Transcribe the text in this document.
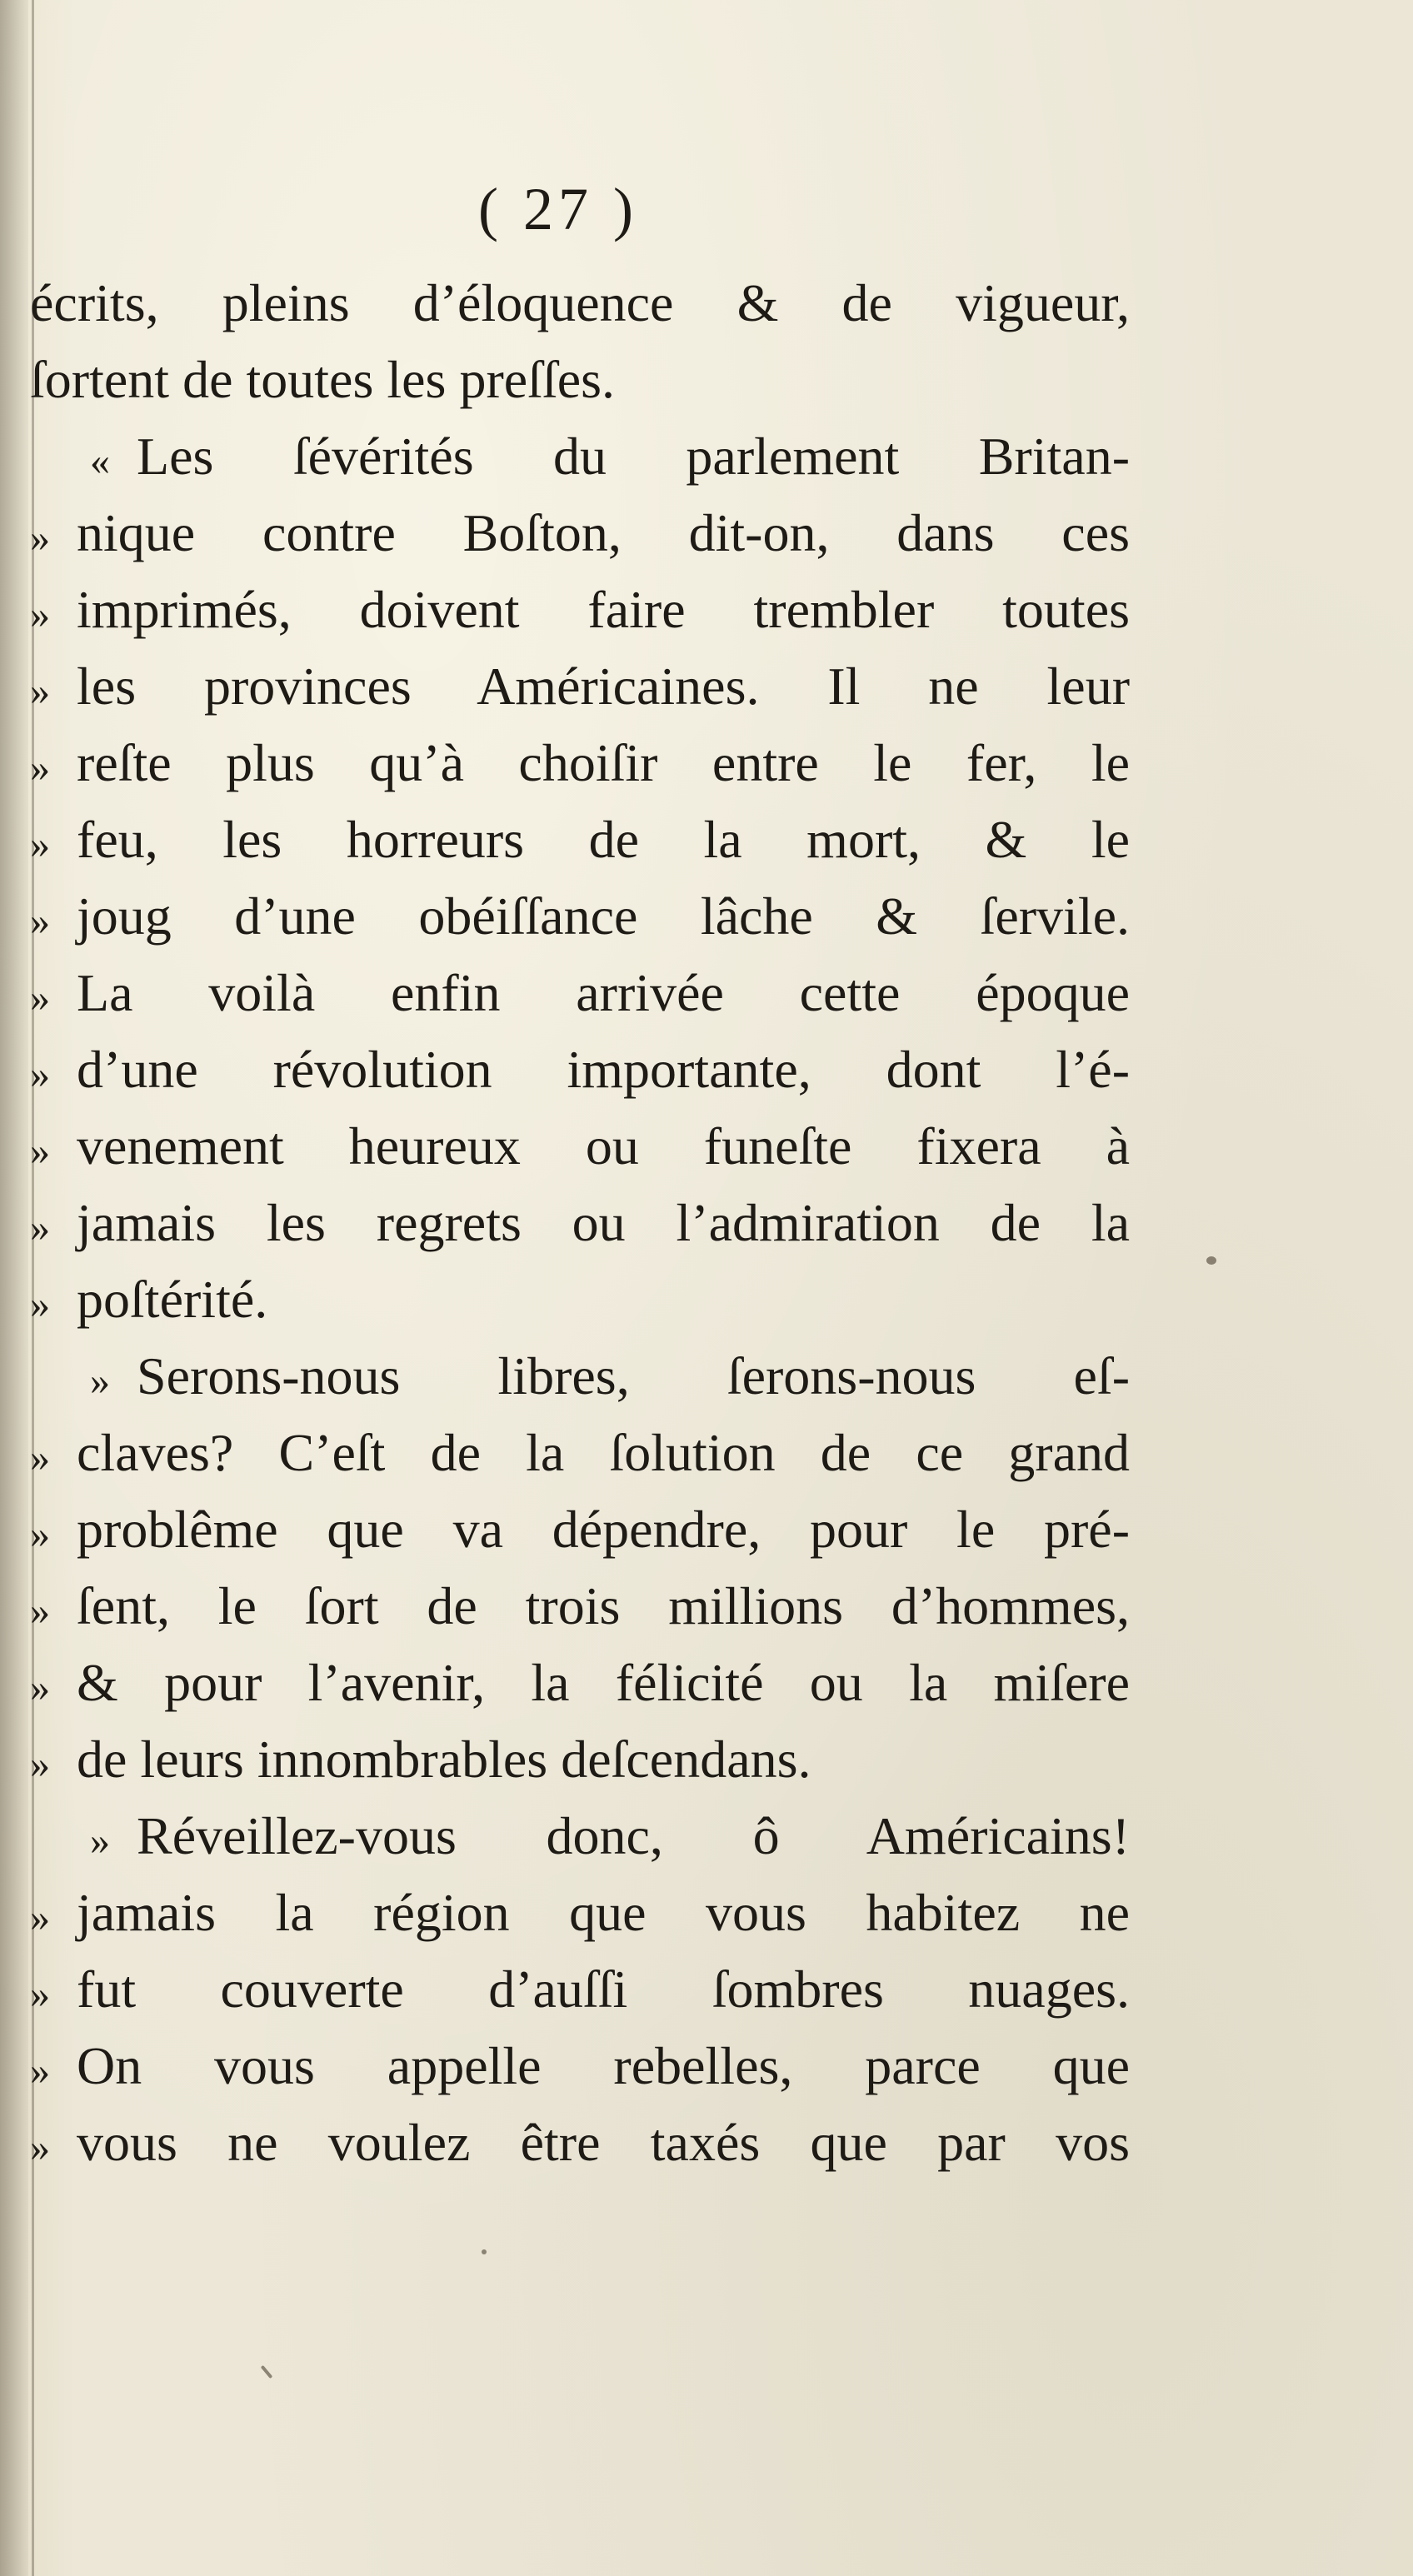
( 27 )
écrits, pleins d’éloquence & de vigueur,
ſortent de toutes les preſſes.
« Les ſévérités du parlement Britan-
» nique contre Boſton, dit-on, dans ces
» imprimés, doivent faire trembler toutes
» les provinces Américaines. Il ne leur
» reſte plus qu’à choiſir entre le fer, le
» feu, les horreurs de la mort, & le
» joug d’une obéiſſance lâche & ſervile.
» La voilà enfin arrivée cette époque
» d’une révolution importante, dont l’é-
» venement heureux ou funeſte fixera à
» jamais les regrets ou l’admiration de la
» poſtérité.
» Serons-nous libres, ſerons-nous eſ-
» claves? C’eſt de la ſolution de ce grand
» problême que va dépendre, pour le pré-
» ſent, le ſort de trois millions d’hommes,
» & pour l’avenir, la félicité ou la miſere
» de leurs innombrables deſcendans.
» Réveillez-vous donc, ô Américains!
» jamais la région que vous habitez ne
» fut couverte d’auſſi ſombres nuages.
» On vous appelle rebelles, parce que
» vous ne voulez être taxés que par vos
